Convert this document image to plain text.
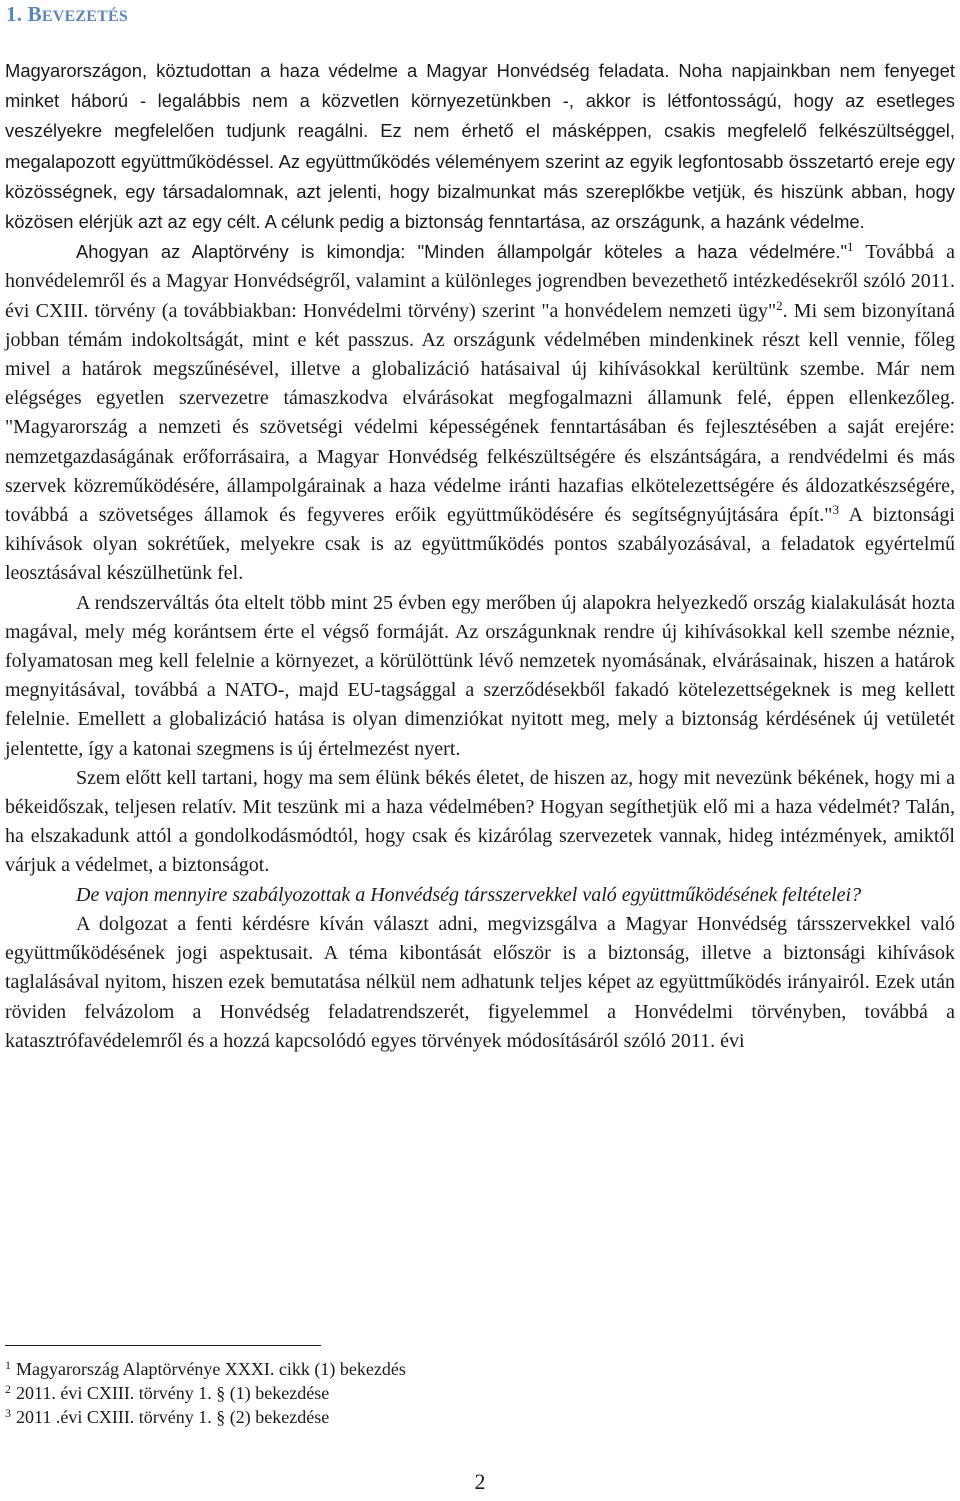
1. BEVEZETÉS

Magyarországon, köztudottan a haza védelme a Magyar Honvédség feladata. Noha napjainkban nem fenyeget minket háború - legalábbis nem a közvetlen környezetünkben -, akkor is létfontosságú, hogy az esetleges veszélyekre megfelelően tudjunk reagálni. Ez nem érhető el másképpen, csakis megfelelő felkészültséggel, megalapozott együttműködéssel. Az együttműködés véleményem szerint az egyik legfontosabb összetartó ereje egy közösségnek, egy társadalomnak, azt jelenti, hogy bizalmunkat más szereplőkbe vetjük, és hiszünk abban, hogy közösen elérjük azt az egy célt. A célunk pedig a biztonság fenntartása, az országunk, a hazánk védelme.

Ahogyan az Alaptörvény is kimondja: "Minden állampolgár köteles a haza védelmére."$^1$ Továbbá a honvédelemről és a Magyar Honvédségről, valamint a különleges jogrendben bevezethető intézkedésekről szóló 2011. évi CXIII. törvény (a továbbiakban: Honvédelmi törvény) szerint "a honvédelem nemzeti ügy"$^2$. Mi sem bizonyítaná jobban témám indokoltságát, mint e két passzus. Az országunk védelmében mindenkinek részt kell vennie, főleg mivel a határok megszűnésével, illetve a globalizáció hatásaival új kihívásokkal kerültünk szembe. Már nem elégséges egyetlen szervezetre támaszkodva elvárásokat megfogalmazni államunk felé, éppen ellenkezőleg. "Magyarország a nemzeti és szövetségi védelmi képességének fenntartásában és fejlesztésében a saját erejére: nemzetgazdaságának erőforrásaira, a Magyar Honvédség felkészültségére és elszántságára, a rendvédelmi és más szervek közreműködésére, állampolgárainak a haza védelme iránti hazafias elkötelezettségére és áldozatkészségére, továbbá a szövetséges államok és fegyveres erőik együttműködésére és segítségnyújtására épít."$^3$ A biztonsági kihívások olyan sokrétűek, melyekre csak is az együttműködés pontos szabályozásával, a feladatok egyértelmű leosztásával készülhetünk fel.

A rendszerváltás óta eltelt több mint 25 évben egy merőben új alapokra helyezkedő ország kialakulását hozta magával, mely még korántsem érte el végső formáját. Az országunknak rendre új kihívásokkal kell szembe néznie, folyamatosan meg kell felelnie a környezet, a körülöttünk lévő nemzetek nyomásának, elvárásainak, hiszen a határok megnyitásával, továbbá a NATO-, majd EU-tagsággal a szerződésekből fakadó kötelezettségeknek is meg kellett felelnie. Emellett a globalizáció hatása is olyan dimenziókat nyitott meg, mely a biztonság kérdésének új vetületét jelentette, így a katonai szegmens is új értelmezést nyert.

Szem előtt kell tartani, hogy ma sem élünk békés életet, de hiszen az, hogy mit nevezünk békének, hogy mi a békeidőszak, teljesen relatív. Mit teszünk mi a haza védelmében? Hogyan segíthetjük elő mi a haza védelmét? Talán, ha elszakadunk attól a gondolkodásmódtól, hogy csak és kizárólag szervezetek vannak, hideg intézmények, amiktől várjuk a védelmet, a biztonságot.

De vajon mennyire szabályozottak a Honvédség társszervekkel való együttműködésének feltételei?

A dolgozat a fenti kérdésre kíván választ adni, megvizsgálva a Magyar Honvédség társszervekkel való együttműködésének jogi aspektusait. A téma kibontását először is a biztonság, illetve a biztonsági kihívások taglalásával nyitom, hiszen ezek bemutatása nélkül nem adhatunk teljes képet az együttműködés irányairól. Ezek után röviden felvázolom a Honvédség feladatrendszerét, figyelemmel a Honvédelmi törvényben, továbbá a katasztrófavédelemről és a hozzá kapcsolódó egyes törvények módosításáról szóló 2011. évi

$^1$ Magyarország Alaptörvénye XXXI. cikk (1) bekezdés
$^2$ 2011. évi CXIII. törvény 1. § (1) bekezdése
$^3$ 2011 .évi CXIII. törvény 1. § (2) bekezdése
2
